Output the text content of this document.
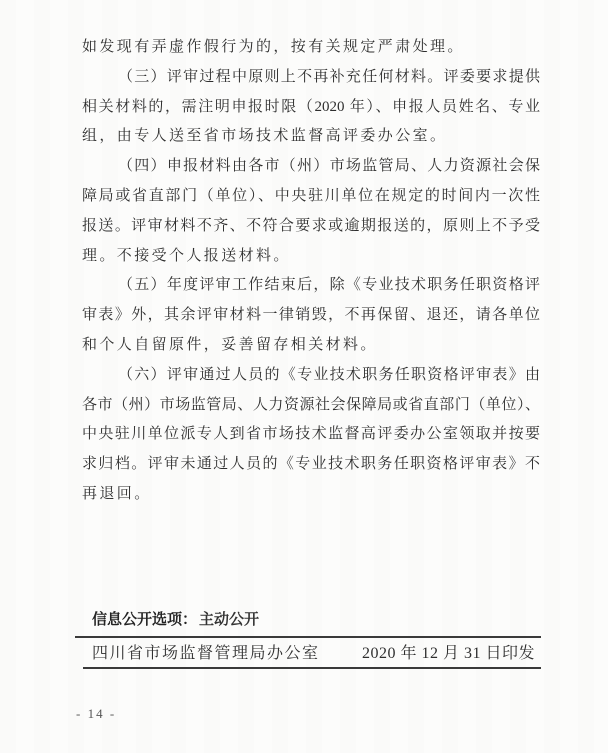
如发现有弄虚作假行为的，按有关规定严肃处理。
（三）评审过程中原则上不再补充任何材料。评委要求提供
相关材料的，需注明申报时限（2020 年）、申报人员姓名、专业
组，由专人送至省市场技术监督高评委办公室。
（四）申报材料由各市（州）市场监管局、人力资源社会保
障局或省直部门（单位）、中央驻川单位在规定的时间内一次性
报送。评审材料不齐、不符合要求或逾期报送的，原则上不予受
理。不接受个人报送材料。
（五）年度评审工作结束后，除《专业技术职务任职资格评
审表》外，其余评审材料一律销毁，不再保留、退还，请各单位
和个人自留原件，妥善留存相关材料。
（六）评审通过人员的《专业技术职务任职资格评审表》由
各市（州）市场监管局、人力资源社会保障局或省直部门（单位）、
中央驻川单位派专人到省市场技术监督高评委办公室领取并按要
求归档。评审未通过人员的《专业技术职务任职资格评审表》不
再退回。
信息公开选项： 主动公开
四川省市场监督管理局办公室	2020 年 12 月 31 日印发
- 14 -
